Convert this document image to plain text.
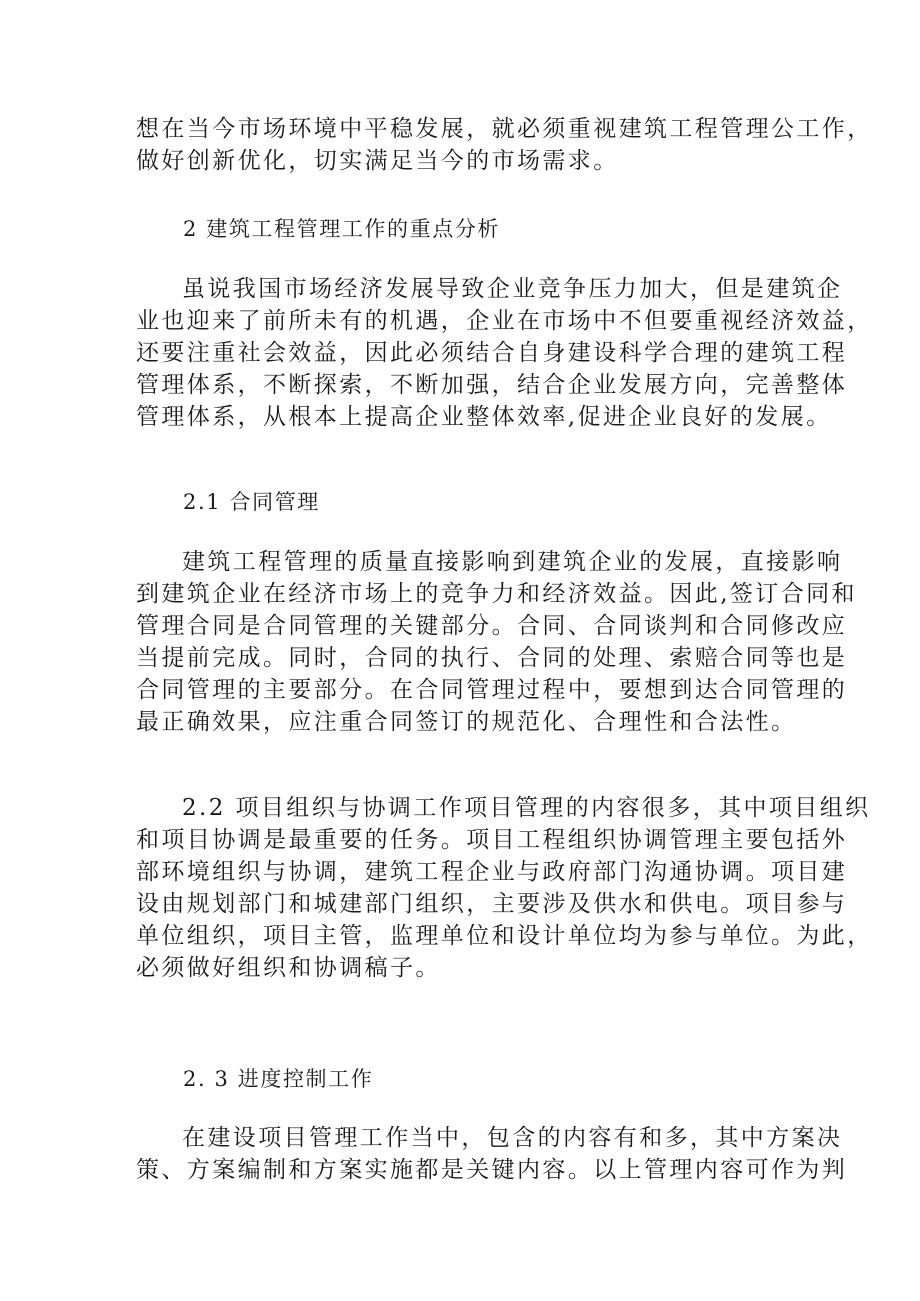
想在当今市场环境中平稳发展，就必须重视建筑工程管理公工作，
做好创新优化，切实满足当今的市场需求。
2 建筑工程管理工作的重点分析
虽说我国市场经济发展导致企业竞争压力加大，但是建筑企
业也迎来了前所未有的机遇，企业在市场中不但要重视经济效益，
还要注重社会效益，因此必须结合自身建设科学合理的建筑工程
管理体系，不断探索，不断加强，结合企业发展方向，完善整体
管理体系，从根本上提高企业整体效率,促进企业良好的发展。
2.1 合同管理
建筑工程管理的质量直接影响到建筑企业的发展，直接影响
到建筑企业在经济市场上的竞争力和经济效益。因此,签订合同和
管理合同是合同管理的关键部分。合同、合同谈判和合同修改应
当提前完成。同时，合同的执行、合同的处理、索赔合同等也是
合同管理的主要部分。在合同管理过程中，要想到达合同管理的
最正确效果，应注重合同签订的规范化、合理性和合法性。
2.2 项目组织与协调工作项目管理的内容很多，其中项目组织
和项目协调是最重要的任务。项目工程组织协调管理主要包括外
部环境组织与协调，建筑工程企业与政府部门沟通协调。项目建
设由规划部门和城建部门组织，主要涉及供水和供电。项目参与
单位组织，项目主管，监理单位和设计单位均为参与单位。为此，
必须做好组织和协调稿子。
2. 3 进度控制工作
在建设项目管理工作当中，包含的内容有和多，其中方案决
策、方案编制和方案实施都是关键内容。以上管理内容可作为判
